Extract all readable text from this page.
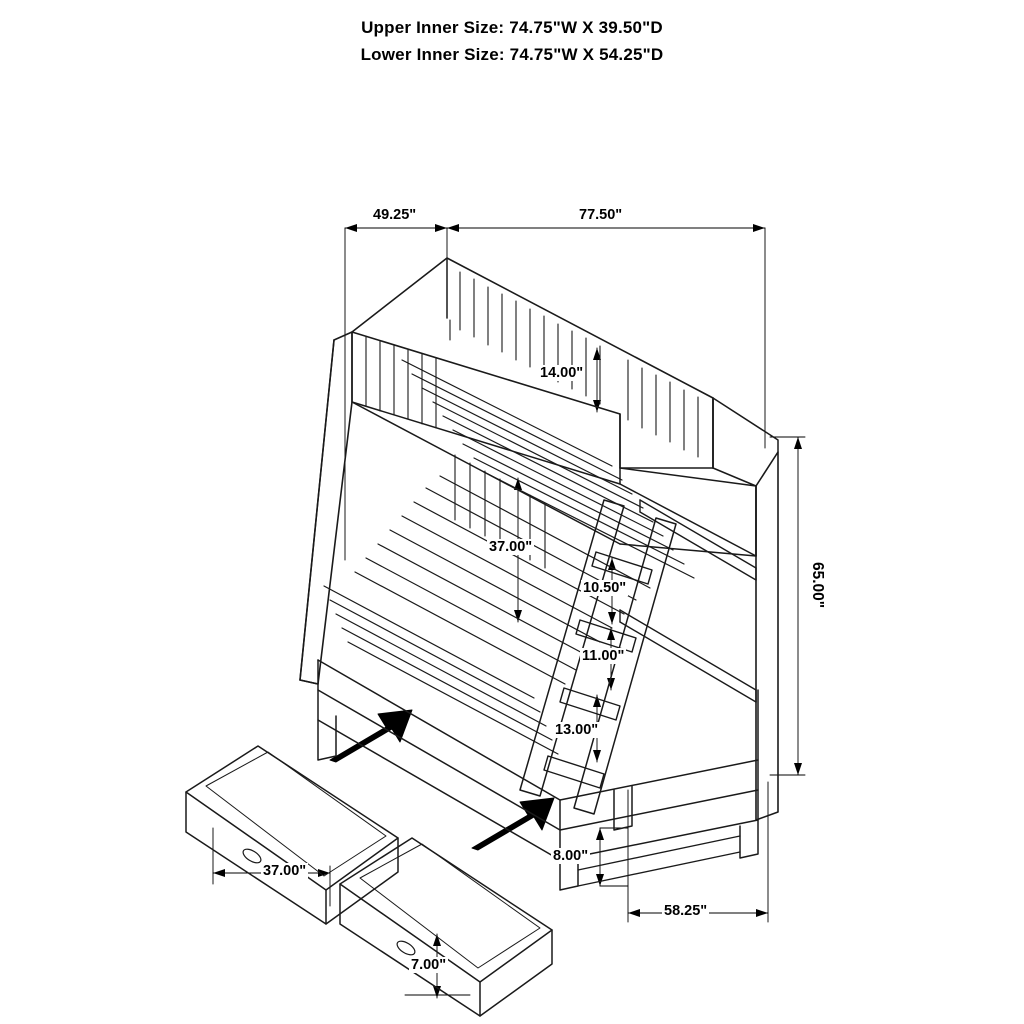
Upper Inner Size: 74.75"W X 39.50"D
Lower Inner Size: 74.75"W X 54.25"D
49.25"	77.50"
14.00"
37.00"
10.50"
11.00"
13.00"
8.00"
65.00"
58.25"
37.00"
7.00"
